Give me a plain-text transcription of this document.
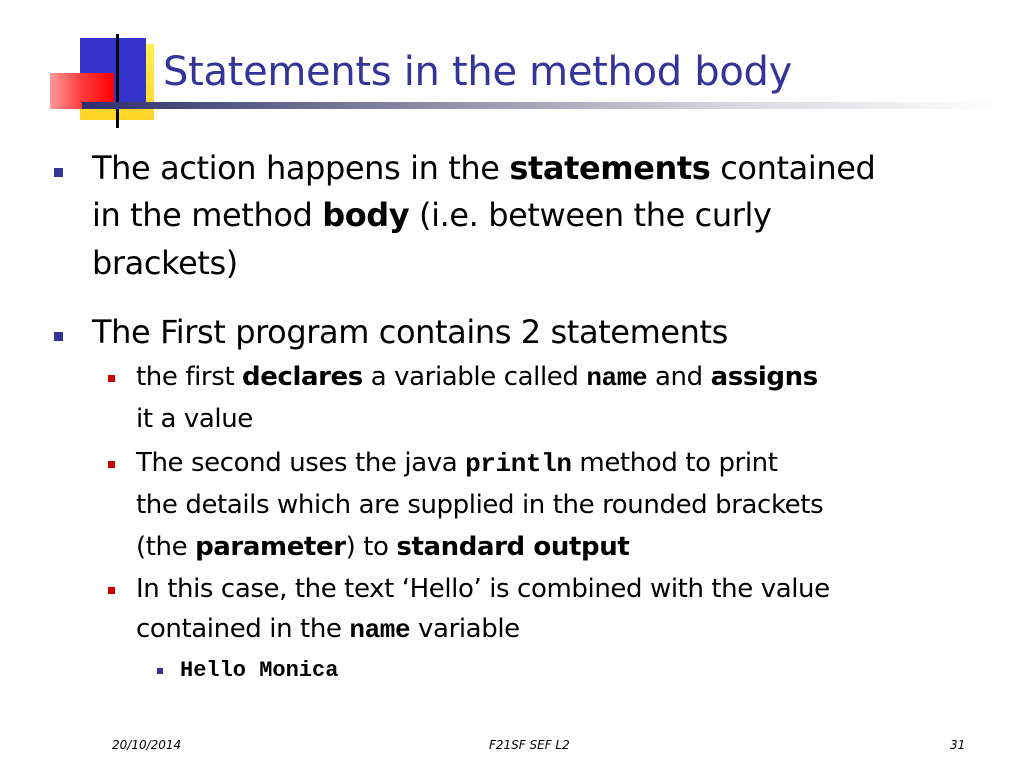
Statements in the method body
The action happens in the statements contained
in the method body (i.e. between the curly
brackets)
The First program contains 2 statements
the first declares a variable called name and assigns
it a value
The second uses the java println method to print
the details which are supplied in the rounded brackets
(the parameter) to standard output
In this case, the text ‘Hello’ is combined with the value
contained in the name variable
Hello Monica
20/10/2014	F21SF SEF L2	31
